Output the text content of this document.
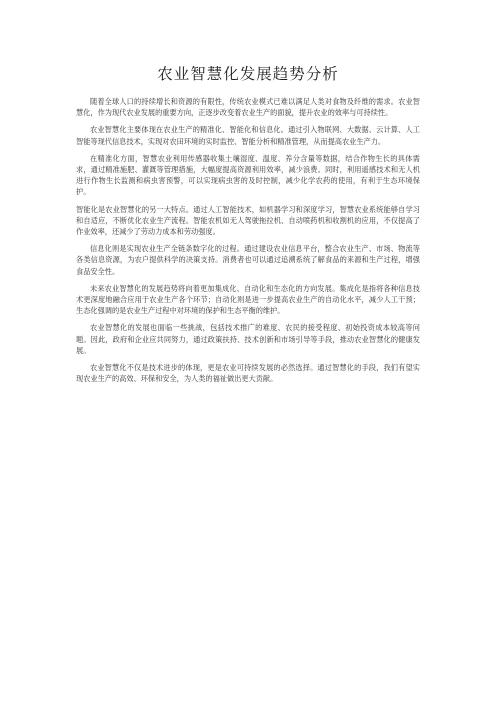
农业智慧化发展趋势分析

随着全球人口的持续增长和资源的有限性，传统农业模式已难以满足人类对食物及纤维的需求。农业智慧化，作为现代农业发展的重要方向，正逐步改变着农业生产的面貌，提升农业的效率与可持续性。

农业智慧化主要体现在农业生产的精准化、智能化和信息化。通过引入物联网、大数据、云计算、人工智能等现代信息技术，实现对农田环境的实时监控、智能分析和精准管理，从而提高农业生产力。

在精准化方面，智慧农业利用传感器收集土壤湿度、温度、养分含量等数据，结合作物生长的具体需求，通过精准施肥、灌溉等管理措施，大幅度提高资源利用效率，减少浪费。同时，利用遥感技术和无人机进行作物生长监测和病虫害预警，可以实现病虫害的及时控制，减少化学农药的使用，有利于生态环境保护。

智能化是农业智慧化的另一大特点。通过人工智能技术，如机器学习和深度学习，智慧农业系统能够自学习和自适应，不断优化农业生产流程。智能农机如无人驾驶拖拉机、自动喷药机和收割机的应用，不仅提高了作业效率，还减少了劳动力成本和劳动强度。

信息化则是实现农业生产全链条数字化的过程。通过建设农业信息平台，整合农业生产、市场、物流等各类信息资源，为农户提供科学的决策支持。消费者也可以通过追溯系统了解食品的来源和生产过程，增强食品安全性。

未来农业智慧化的发展趋势将向着更加集成化、自动化和生态化的方向发展。集成化是指将各种信息技术更深度地融合应用于农业生产各个环节；自动化则是进一步提高农业生产的自动化水平，减少人工干预；生态化强调的是农业生产过程中对环境的保护和生态平衡的维护。

农业智慧化的发展也面临一些挑战，包括技术推广的难度、农民的接受程度、初始投资成本较高等问题。因此，政府和企业应共同努力，通过政策扶持、技术创新和市场引导等手段，推动农业智慧化的健康发展。

农业智慧化不仅是技术进步的体现，更是农业可持续发展的必然选择。通过智慧化的手段，我们有望实现农业生产的高效、环保和安全，为人类的福祉做出更大贡献。
